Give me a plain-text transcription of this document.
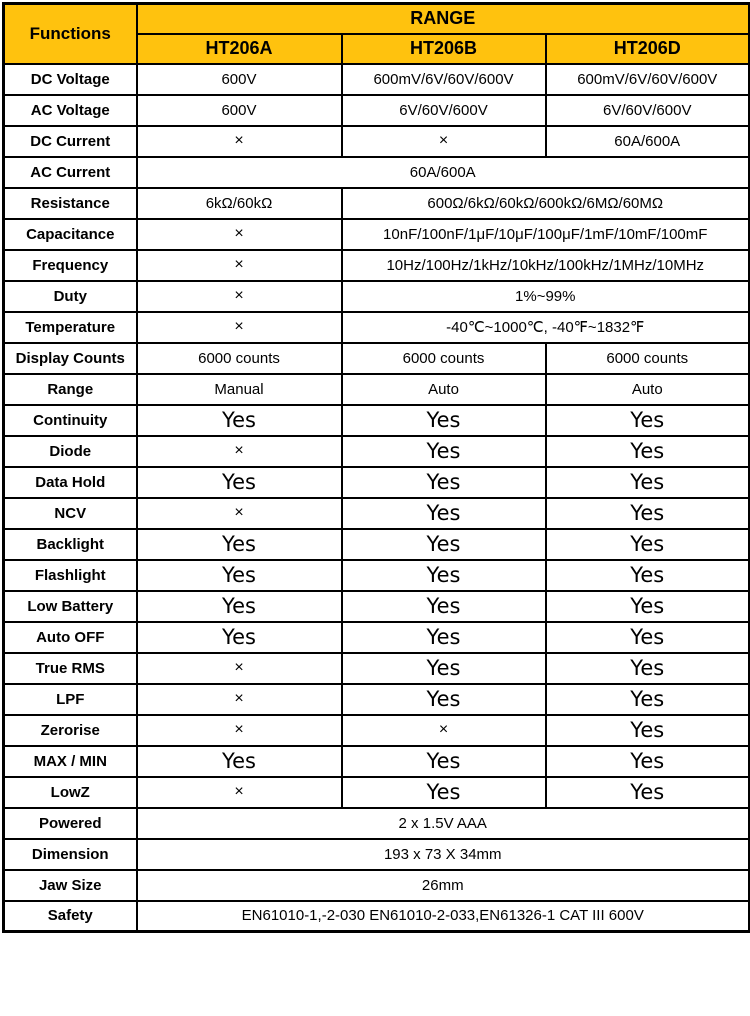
Functions	RANGE		
	HT206A	HT206B	HT206D
DC Voltage	600V	600mV/6V/60V/600V	600mV/6V/60V/600V
AC Voltage	600V	6V/60V/600V	6V/60V/600V
DC Current	×	×	60A/600A
AC Current	60A/600A		
Resistance	6kΩ/60kΩ	600Ω/6kΩ/60kΩ/600kΩ/6MΩ/60MΩ	
Capacitance	×	10nF/100nF/1μF/10μF/100μF/1mF/10mF/100mF	
Frequency	×	10Hz/100Hz/1kHz/10kHz/100kHz/1MHz/10MHz	
Duty	×	1%~99%	
Temperature	×	-40℃~1000℃, -40℉~1832℉	
Display Counts	6000 counts	6000 counts	6000 counts
Range	Manual	Auto	Auto
Continuity	Yes	Yes	Yes
Diode	×	Yes	Yes
Data Hold	Yes	Yes	Yes
NCV	×	Yes	Yes
Backlight	Yes	Yes	Yes
Flashlight	Yes	Yes	Yes
Low Battery	Yes	Yes	Yes
Auto OFF	Yes	Yes	Yes
True RMS	×	Yes	Yes
LPF	×	Yes	Yes
Zerorise	×	×	Yes
MAX / MIN	Yes	Yes	Yes
LowZ	×	Yes	Yes
Powered	2 x 1.5V AAA		
Dimension	193 x 73 X 34mm		
Jaw Size	26mm		
Safety	EN61010-1,-2-030 EN61010-2-033,EN61326-1 CAT III 600V		
